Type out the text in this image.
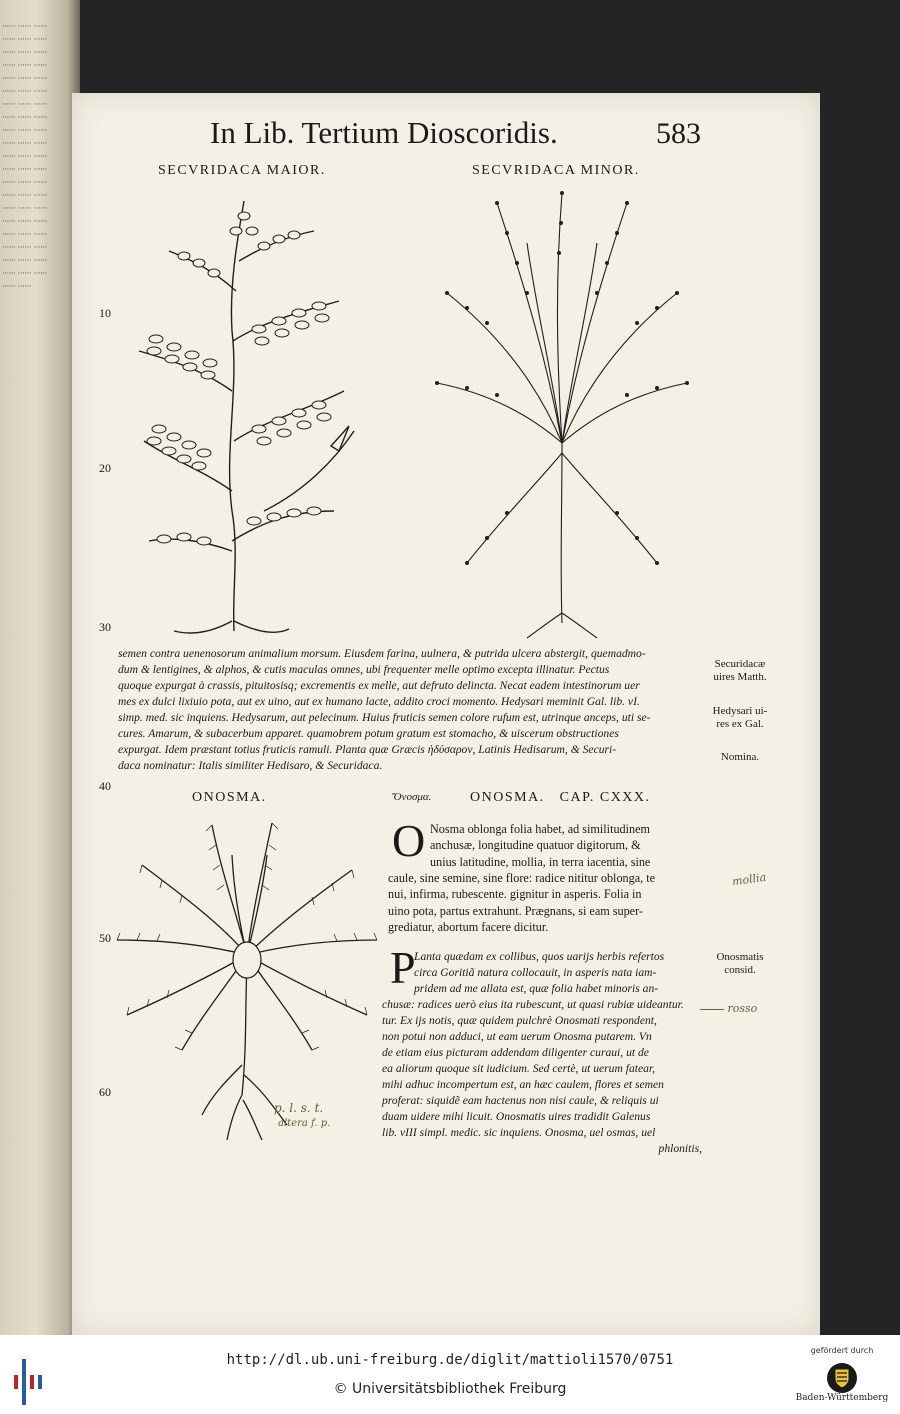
······ ······ ······ ······ ······ ······ ······ ······ ······ ······ ······ ······ ······ ······ ······ ······ ······ ······ ······ ······ ······ ······ ······ ······ ······ ······ ······ ······ ······ ······ ······ ······ ······ ······ ······ ······ ······ ······ ······ ······ ······ ······ ······ ······ ······ ······ ······ ······ ······ ······ ······ ······ ······ ······ ······ ······ ······ ······ ······ ······ ······ ······
In Lib. Tertium Dioscoridis.	583
SECVRIDACA MAIOR.	SECVRIDACA MINOR.
10
20
30
40
50
60
semen contra uenenosorum animalium morsum. Eiusdem farina, uulnera, & putrida ulcera abstergit, quemadmo-
dum & lentigines, & alphos, & cutis maculas omnes, ubi frequenter melle optimo excepta illinatur. Pectus
quoque expurgat à crassis, pituitosisq; excrementis ex melle, aut defruto delincta. Necat eadem intestinorum uer
mes ex dulci lixiuio pota, aut ex uino, aut ex humano lacte, addito croci momento. Hedysari meminit Gal. lib. vI.
simp. med. sic inquiens. Hedysarum, aut pelecinum. Huius fruticis semen colore rufum est, utrinque anceps, uti se-
cures. Amarum, & subacerbum apparet. quamobrem potum gratum est stomacho, & uiscerum obstructiones
expurgat. Idem præstant totius fruticis ramuli. Planta quæ Græcis ἡδύσαρον, Latinis Hedisarum, & Securi-
daca nominatur: Italis similiter Hedisaro, & Securidaca.
Securidacæ
uires Matth.
Hedysari ui-
res ex Gal.
Nomina.
ONOSMA.	Ὄνοσμα.	ONOSMA.   CAP. CXXX.
O Nosma oblonga folia habet, ad similitudinem
anchusæ, longitudine quatuor digitorum, &
unius latitudine, mollia, in terra iacentia, sine
caule, sine semine, sine flore: radice nititur oblonga, te
nui, infirma, rubescente. gignitur in asperis. Folia in
uino pota, partus extrahunt. Prægnans, si eam super-
grediatur, abortum facere dicitur.
mollia
P
Lanta quædam ex collibus, quos uarijs herbis refertos
circa Goritiã natura collocauit, in asperis nata iam-
pridem ad me allata est, quæ folia habet minoris an-
chusæ: radices uerò eius ita rubescunt, ut quasi rubiæ uideantur.
tur. Ex ijs notis, quæ quidem pulchrè Onosmati respondent,
non potui non adduci, ut eam uerum Onosma putarem. Vn
de etiam eius picturam addendam diligenter curaui, ut de
ea aliorum quoque sit iudicium. Sed certè, ut uerum fatear,
mihi adhuc incompertum est, an hæc caulem, flores et semen
proferat: siquidẽ eam hactenus non nisi caule, & reliquis ui
duam uidere mihi licuit. Onosmatis uires tradidit Galenus
lib. vIII simpl. medic. sic inquiens. Onosma, uel osmas, uel
phlonitis,
Onosmatis
consid.
rosso
p. l. s. t.
altera f. p.
http://dl.ub.uni-freiburg.de/diglit/mattioli1570/0751
© Universitätsbibliothek Freiburg
gefördert durch
Baden-Württemberg
